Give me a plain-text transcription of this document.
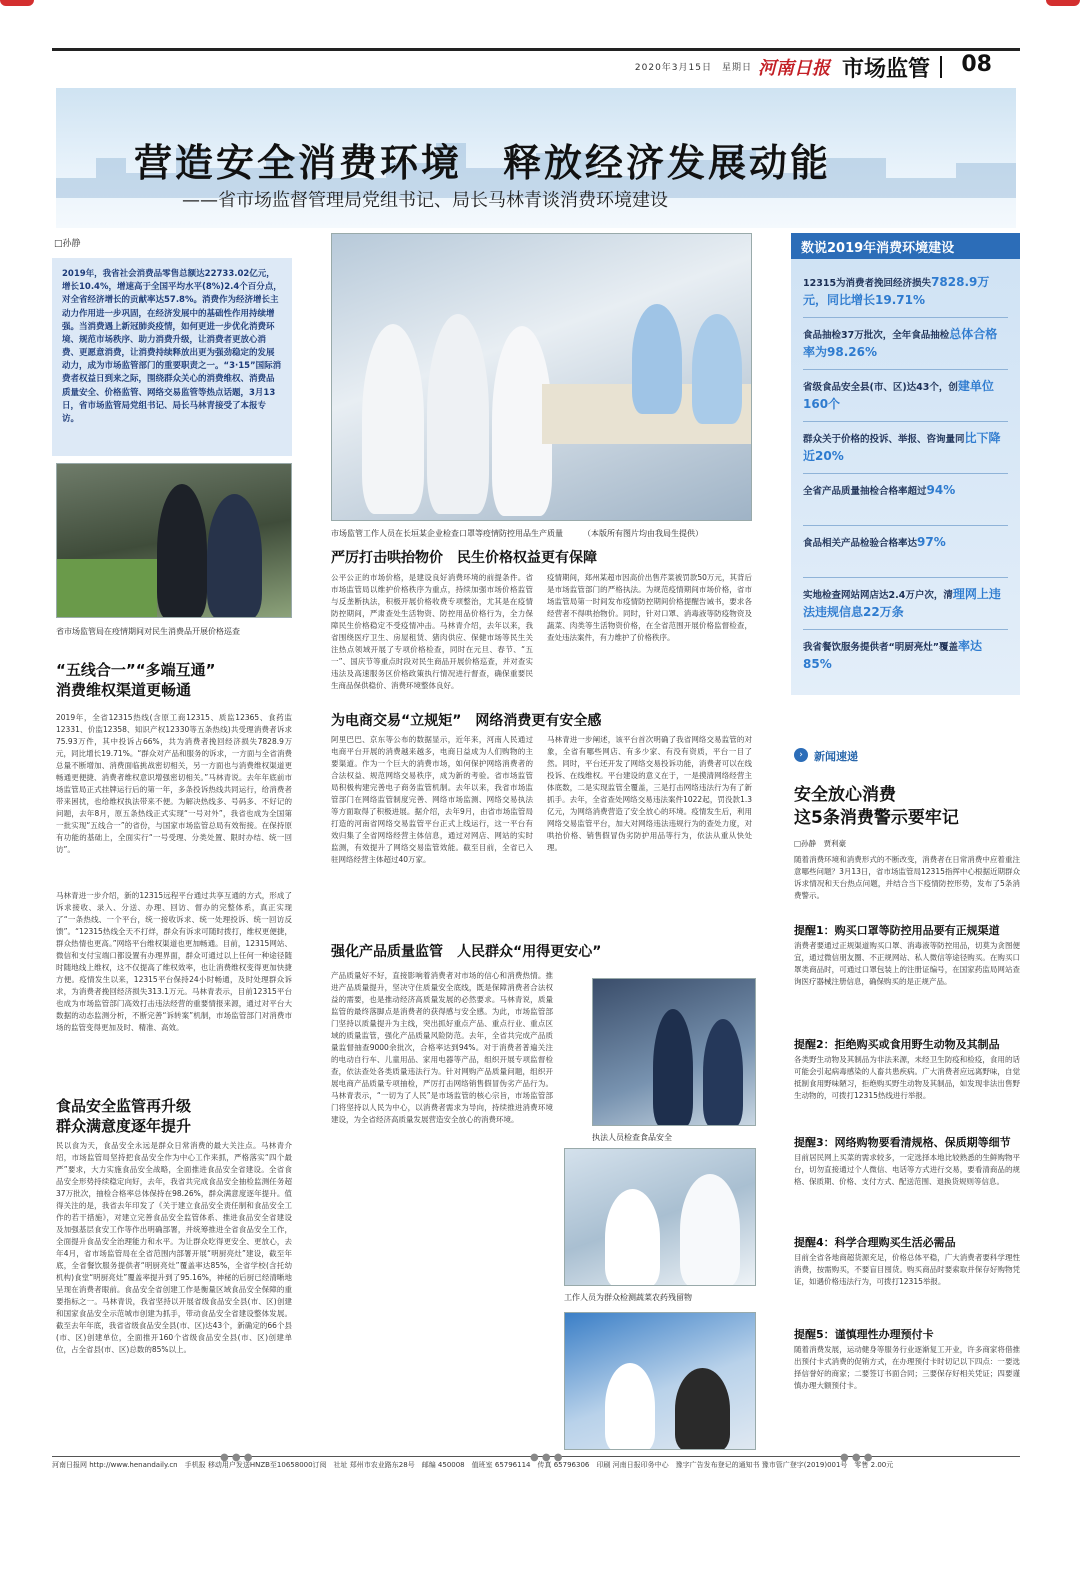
2020年3月15日　星期日 河南日报 市场监管 08
营造安全消费环境　释放经济发展动能
——省市场监督管理局党组书记、局长马林青谈消费环境建设
□孙静
2019年，我省社会消费品零售总额达22733.02亿元，增长10.4%，增速高于全国平均水平(8%)2.4个百分点，对全省经济增长的贡献率达57.8%。消费作为经济增长主动力作用进一步巩固，在经济发展中的基础性作用持续增强。当消费遇上新冠肺炎疫情，如何更进一步优化消费环境、规范市场秩序、助力消费升级，让消费者更放心消费、更愿意消费，让消费持续释放出更为强劲稳定的发展动力，成为市场监管部门的重要职责之一。“3·15”国际消费者权益日到来之际，围绕群众关心的消费维权、消费品质量安全、价格监管、网络交易监管等热点话题，3月13日，省市场监管局党组书记、局长马林青接受了本报专访。
市场监管工作人员在长垣某企业检查口罩等疫情防控用品生产质量　　　（本版所有图片均由我局生提供）
省市场监管局在疫情期间对民生消费品开展价格巡查
执法人员检查食品安全
工作人员为群众检测蔬菜农药残留物
“五线合一”“多端互通”
消费维权渠道更畅通
食品安全监管再升级
群众满意度逐年提升
严厉打击哄抬物价　民生价格权益更有保障
为电商交易“立规矩”　网络消费更有安全感
强化产品质量监管　人民群众“用得更安心”
2019年，全省12315热线(含原工商12315、质监12365、食药监12331、价监12358、知识产权12330等五条热线)共受理消费者诉求75.93万件，其中投诉占66%，共为消费者挽回经济损失7828.9万元，同比增长19.71%。“群众对产品和服务的诉求，一方面与全省消费总量不断增加、消费面临挑战密切相关，另一方面也与消费维权渠道更畅通更便捷、消费者维权意识增强密切相关。”马林青说。去年年底前市场监管局正式挂牌运行后的第一年，多条投诉热线共同运行，给消费者带来困扰，也给维权执法带来不便。为解决热线多、号码多、不好记的问题，去年8月，原五条热线正式实现“一号对外”，我省也成为全国第一批实现“五线合一”的省份，与国家市场监管总局有效衔接。在保持原有功能的基础上，全面实行“一号受理、分类处置、限时办结、统一回访”。
马林青进一步介绍，新的12315远程平台通过共享互通的方式，形成了诉求接收、录入、分送、办理、回访、督办的完整体系，真正实现了“一条热线、一个平台，统一接收诉求、统一处理投诉、统一回访反馈”。“12315热线全天不打烊，群众有诉求可随时拨打，维权更便捷，群众热情也更高。”网络平台维权渠道也更加畅通。目前，12315网站、微信和支付宝端口都设置有办理界面，群众可通过以上任何一种途径随时随地线上维权，这不仅提高了维权效率，也让消费维权变得更加快捷方便。疫情发生以来，12315平台保持24小时畅通，及时处理群众诉求，为消费者挽回经济损失313.1万元。马林青表示，目前12315平台也成为市场监管部门高效打击违法经营的重要情报来源，通过对平台大数据的动态监测分析，不断完善“诉转案”机制，市场监管部门对消费市场的监管变得更加及时、精准、高效。
民以食为天，食品安全永远是群众日常消费的最大关注点。马林青介绍，市场监管局坚持把食品安全作为中心工作来抓，严格落实“四个最严”要求，大力实施食品安全战略，全面推进食品安全省建设。全省食品安全形势持续稳定向好，去年，我省共完成食品安全抽检监测任务超37万批次，抽检合格率总体保持在98.26%，群众满意度逐年提升。值得关注的是，我省去年印发了《关于建立食品安全责任制和食品安全工作的若干措施》，对建立完善食品安全监管体系、推进食品安全省建设及加强基层食安工作等作出明确部署，并统筹推进全省食品安全工作，全面提升食品安全治理能力和水平。为让群众吃得更安全、更放心，去年4月，省市场监管局在全省范围内部署开展“明厨亮灶”建设，截至年底，全省餐饮服务提供者“明厨亮灶”覆盖率达85%，全省学校(含托幼机构)食堂“明厨亮灶”覆盖率提升到了95.16%，神秘的后厨已经清晰地呈现在消费者眼前。食品安全省创建工作是衡量区域食品安全保障的重要指标之一。马林青说，我省坚持以开展省级食品安全县(市、区)创建和国家食品安全示范城市创建为抓手，带动食品安全省建设整体发展。截至去年年底，我省省级食品安全县(市、区)达43个，新确定的66个县(市、区)创建单位，全面推开160个省级食品安全县(市、区)创建单位，占全省县(市、区)总数的85%以上。
公平公正的市场价格，是建设良好消费环境的前提条件。省市场监管局以维护价格秩序为重点，持续加强市场价格监管与反垄断执法，积极开展价格收费专项整治，尤其是在疫情防控期间，严肃查处生活物资、防控用品价格行为，全力保障民生价格稳定不受疫情冲击。马林青介绍，去年以来，我省围绕医疗卫生、房屋租赁、猪肉供应、保健市场等民生关注热点领域开展了专项价格检查，同时在元旦、春节、“五一”、国庆节等重点时段对民生商品开展价格巡查，并对查实违法及高速服务区价格政策执行情况进行督查，确保重要民生商品保供稳价、消费环境整体良好。
疫情期间，郑州某超市因高价出售芹菜被罚款50万元，其背后是市场监管部门的严格执法。为规范疫情期间市场价格，省市场监管局第一时间发布疫情防控期间价格提醒告诫书，要求各经营者不得哄抬物价。同时，针对口罩、消毒液等防疫物资及蔬菜、肉类等生活物资价格，在全省范围开展价格监督检查，查处违法案件，有力维护了价格秩序。
阿里巴巴、京东等公布的数据显示，近年来，河南人民通过电商平台开展的消费越来越多，电商日益成为人们购物的主要渠道。作为一个巨大的消费市场，如何保护网络消费者的合法权益、规范网络交易秩序，成为新的考验。省市场监管局积极构建完善电子商务监管机制。去年以来，我省市场监管部门在网络监管制度完善、网络市场监测、网络交易执法等方面取得了积极进展。据介绍，去年9月，由省市场监管局打造的河南省网络交易监管平台正式上线运行，这一平台有效归集了全省网络经营主体信息，通过对网店、网站的实时监测，有效提升了网络交易监管效能。截至目前，全省已入驻网络经营主体超过40万家。
马林青进一步阐述，该平台首次明确了我省网络交易监管的对象，全省有哪些网店、有多少家、有没有资质，平台一目了然。同时，平台还开发了网络交易投诉功能，消费者可以在线投诉、在线维权。平台建设的意义在于，一是摸清网络经营主体底数，二是实现监管全覆盖，三是打击网络违法行为有了新抓手。去年，全省查处网络交易违法案件1022起，罚没款1.3亿元，为网络消费营造了安全放心的环境。疫情发生后，利用网络交易监管平台，加大对网络违法违规行为的查处力度，对哄抬价格、销售假冒伪劣防护用品等行为，依法从重从快处理。
产品质量好不好，直接影响着消费者对市场的信心和消费热情。推进产品质量提升，坚决守住质量安全底线，既是保障消费者合法权益的需要，也是推动经济高质量发展的必然要求。马林青说，质量监管的最终落脚点是消费者的获得感与安全感。为此，市场监管部门坚持以质量提升为主线，突出抓好重点产品、重点行业、重点区域的质量监管，强化产品质量风险防范。去年，全省共完成产品质量监督抽查9000余批次，合格率达到94%。对于消费者普遍关注的电动自行车、儿童用品、家用电器等产品，组织开展专项监督检查，依法查处各类质量违法行为。针对网购产品质量问题，组织开展电商产品质量专项抽检，严厉打击网络销售假冒伪劣产品行为。马林青表示，“一切为了人民”是市场监管的核心宗旨，市场监管部门将坚持以人民为中心，以消费者需求为导向，持续推进消费环境建设，为全省经济高质量发展营造安全放心的消费环境。
数说2019年消费环境建设
12315为消费者挽回经济损失7828.9万元，同比增长19.71%
食品抽检37万批次，全年食品抽检总体合格率为98.26%
省级食品安全县(市、区)达43个，创建单位160个
群众关于价格的投诉、举报、咨询量同比下降近20%
全省产品质量抽检合格率超过94%
食品相关产品检验合格率达97%
实地检查网站网店达2.4万户次，清理网上违法违规信息22万条
我省餐饮服务提供者“明厨亮灶”覆盖率达85%
›	新闻速递
安全放心消费
这5条消费警示要牢记
□孙静　贾利豪
随着消费环境和消费形式的不断改变，消费者在日常消费中应着重注意哪些问题？3月13日，省市场监管局12315指挥中心根据近期群众诉求情况和天台热点问题，并结合当下疫情防控形势，发布了5条消费警示。
提醒1：购买口罩等防控用品要有正规渠道
消费者要通过正规渠道购买口罩、消毒液等防控用品，切莫为贪图便宜，通过微信朋友圈、不正规网站、私人微信等途径购买。在购买口罩类商品时，可通过口罩包装上的注册证编号，在国家药监局网站查询医疗器械注册信息，确保购买的是正规产品。
提醒2：拒绝购买或食用野生动物及其制品
各类野生动物及其制品为非法来源，未经卫生防疫和检疫，食用的话可能会引起病毒感染的人畜共患疾病。广大消费者应远离野味，自觉抵制食用野味陋习，拒绝购买野生动物及其制品，如发现非法出售野生动物的，可拨打12315热线进行举报。
提醒3：网络购物要看清规格、保质期等细节
目前居民网上买菜的需求较多，一定选择本地比较熟悉的生鲜购物平台，切勿直接通过个人微信、电话等方式进行交易，要看清商品的规格、保质期、价格、支付方式、配送范围、退换货规则等信息。
提醒4：科学合理购买生活必需品
目前全省各地商超货源充足，价格总体平稳，广大消费者要科学理性消费，按需购买，不要盲目囤货。购买商品时要索取并保存好购物凭证，如遇价格违法行为，可拨打12315举报。
提醒5：谨慎理性办理预付卡
随着消费发展，运动健身等服务行业逐渐复工开业，许多商家将借推出预付卡式消费的促销方式，在办理预付卡时切记以下四点：一要选择信誉好的商家；二要签订书面合同；三要保存好相关凭证；四要谨慎办理大额预付卡。
河南日报网 http://www.henandaily.cn　手机报 移动用户发送HNZB至10658000订阅　社址 郑州市农业路东28号　邮编 450008　值班室 65796114　传真 65796306　印刷 河南日报印务中心　豫字广告发布登记的通知书 豫市管广登字(2019)001号　零售 2.00元
● ● ●	● ● ●	● ● ●
